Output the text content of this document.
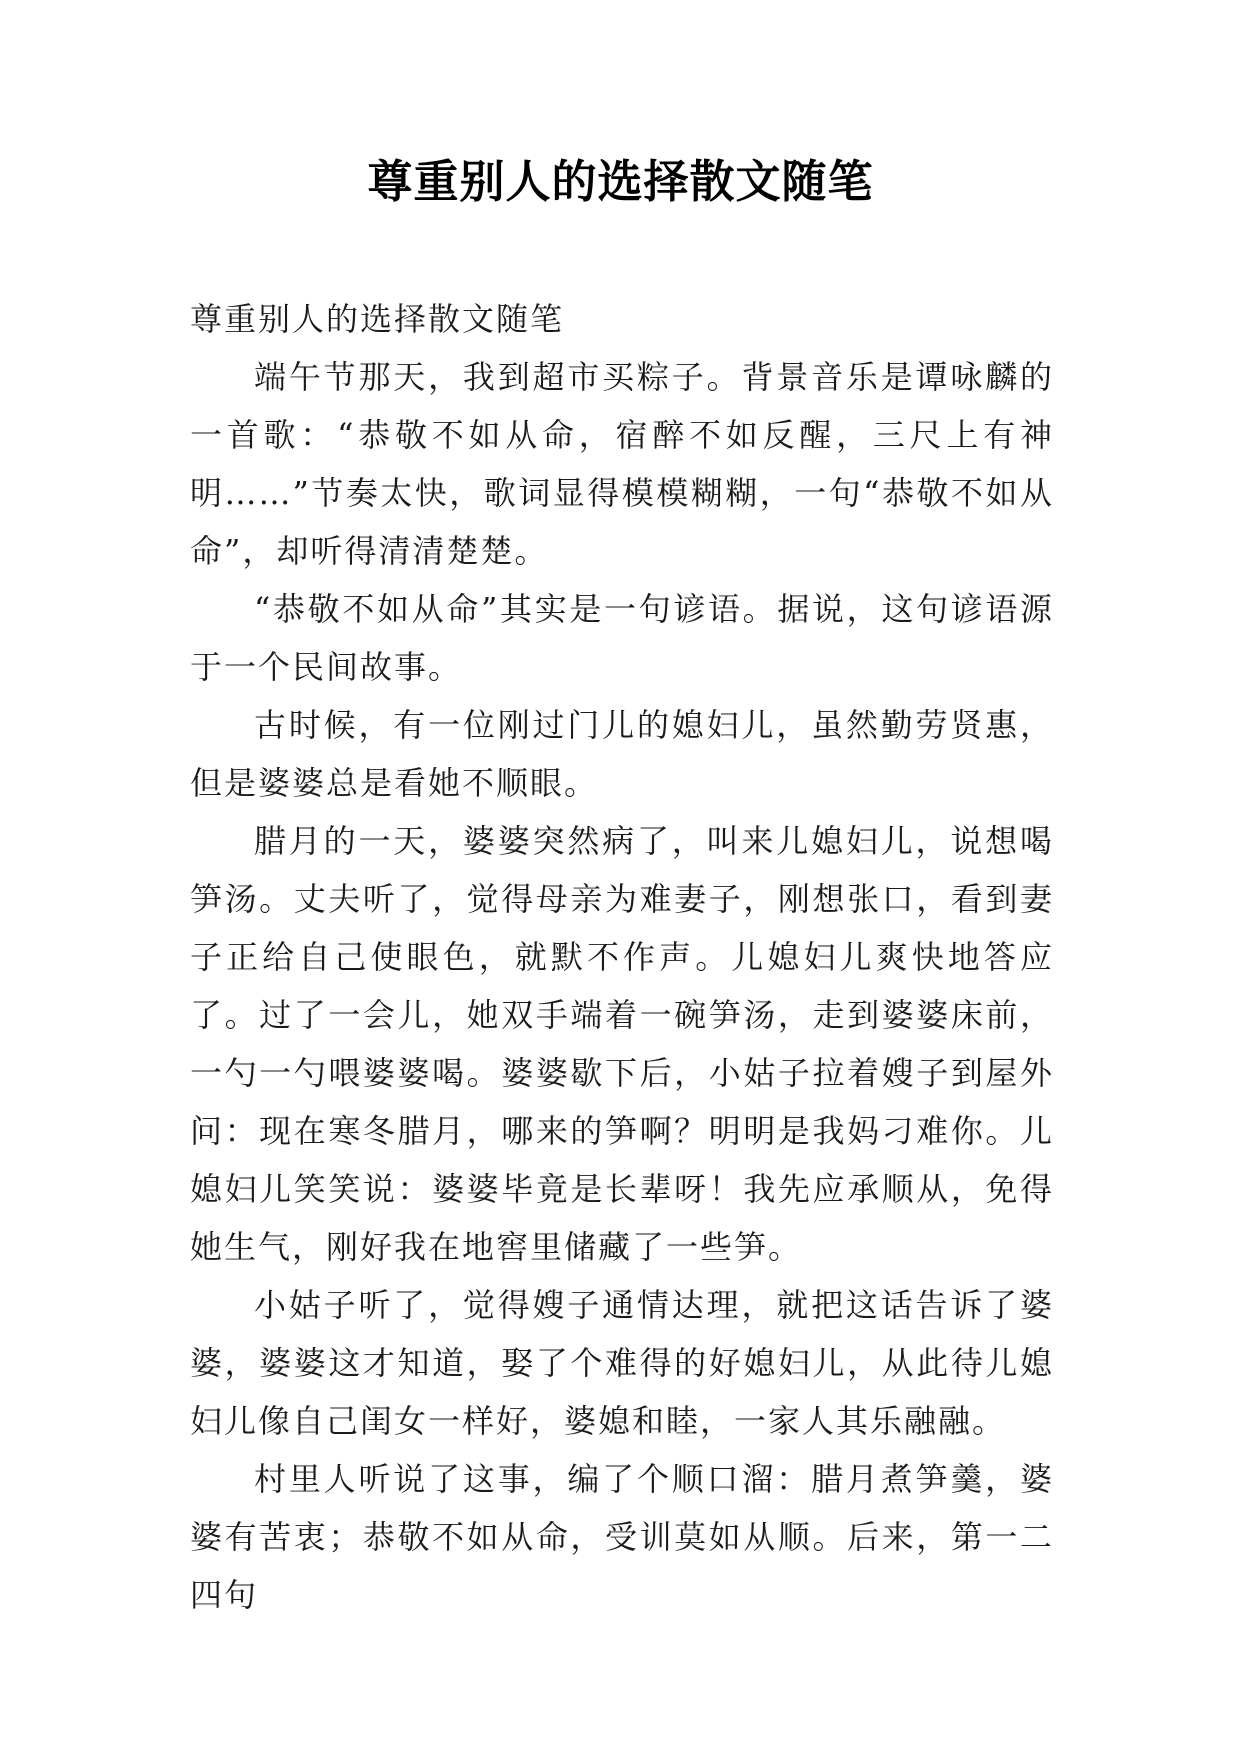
尊重别人的选择散文随笔

尊重别人的选择散文随笔

端午节那天，我到超市买粽子。背景音乐是谭咏麟的一首歌：“恭敬不如从命，宿醉不如反醒，三尺上有神明……”节奏太快，歌词显得模模糊糊，一句“恭敬不如从命”，却听得清清楚楚。

“恭敬不如从命”其实是一句谚语。据说，这句谚语源于一个民间故事。

古时候，有一位刚过门儿的媳妇儿，虽然勤劳贤惠，但是婆婆总是看她不顺眼。

腊月的一天，婆婆突然病了，叫来儿媳妇儿，说想喝笋汤。丈夫听了，觉得母亲为难妻子，刚想张口，看到妻子正给自己使眼色，就默不作声。儿媳妇儿爽快地答应了。过了一会儿，她双手端着一碗笋汤，走到婆婆床前，一勺一勺喂婆婆喝。婆婆歇下后，小姑子拉着嫂子到屋外问：现在寒冬腊月，哪来的笋啊？明明是我妈刁难你。儿媳妇儿笑笑说：婆婆毕竟是长辈呀！我先应承顺从，免得她生气，刚好我在地窖里储藏了一些笋。

小姑子听了，觉得嫂子通情达理，就把这话告诉了婆婆，婆婆这才知道，娶了个难得的好媳妇儿，从此待儿媳妇儿像自己闺女一样好，婆媳和睦，一家人其乐融融。

村里人听说了这事，编了个顺口溜：腊月煮笋羹，婆婆有苦衷；恭敬不如从命，受训莫如从顺。后来，第一二四句
